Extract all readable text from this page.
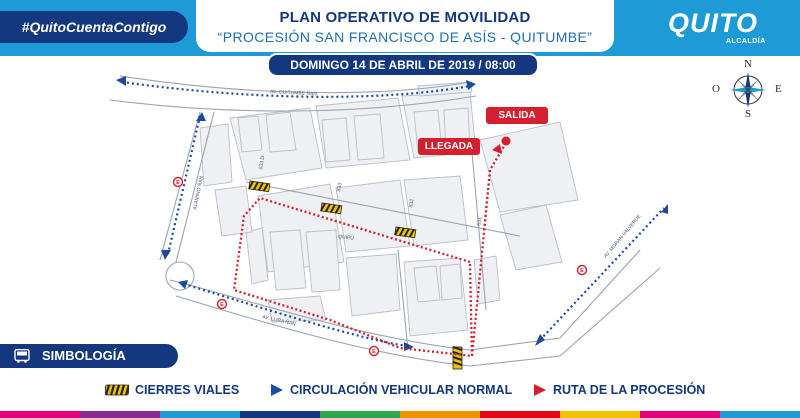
E
E
E
E
AV. QUITUMBE ÑAN
AV. LLIRA ÑAN
ALAMINO ÑAN
AV. MORAN VALVERDE
QUIPU
S33 D
S33
S32
S31
#QuitoCuentaContigo
PLAN OPERATIVO DE MOVILIDAD
“PROCESIÓN SAN FRANCISCO DE ASÍS - QUITUMBE”
DOMINGO 14 DE ABRIL DE 2019 / 08:00
QUITO
ALCALDÍA
SALIDA
LLEGADA
N
S
E
O
SIMBOLOGÍA
CIERRES VIALES	CIRCULACIÓN VEHICULAR NORMAL	RUTA DE LA PROCESIÓN
